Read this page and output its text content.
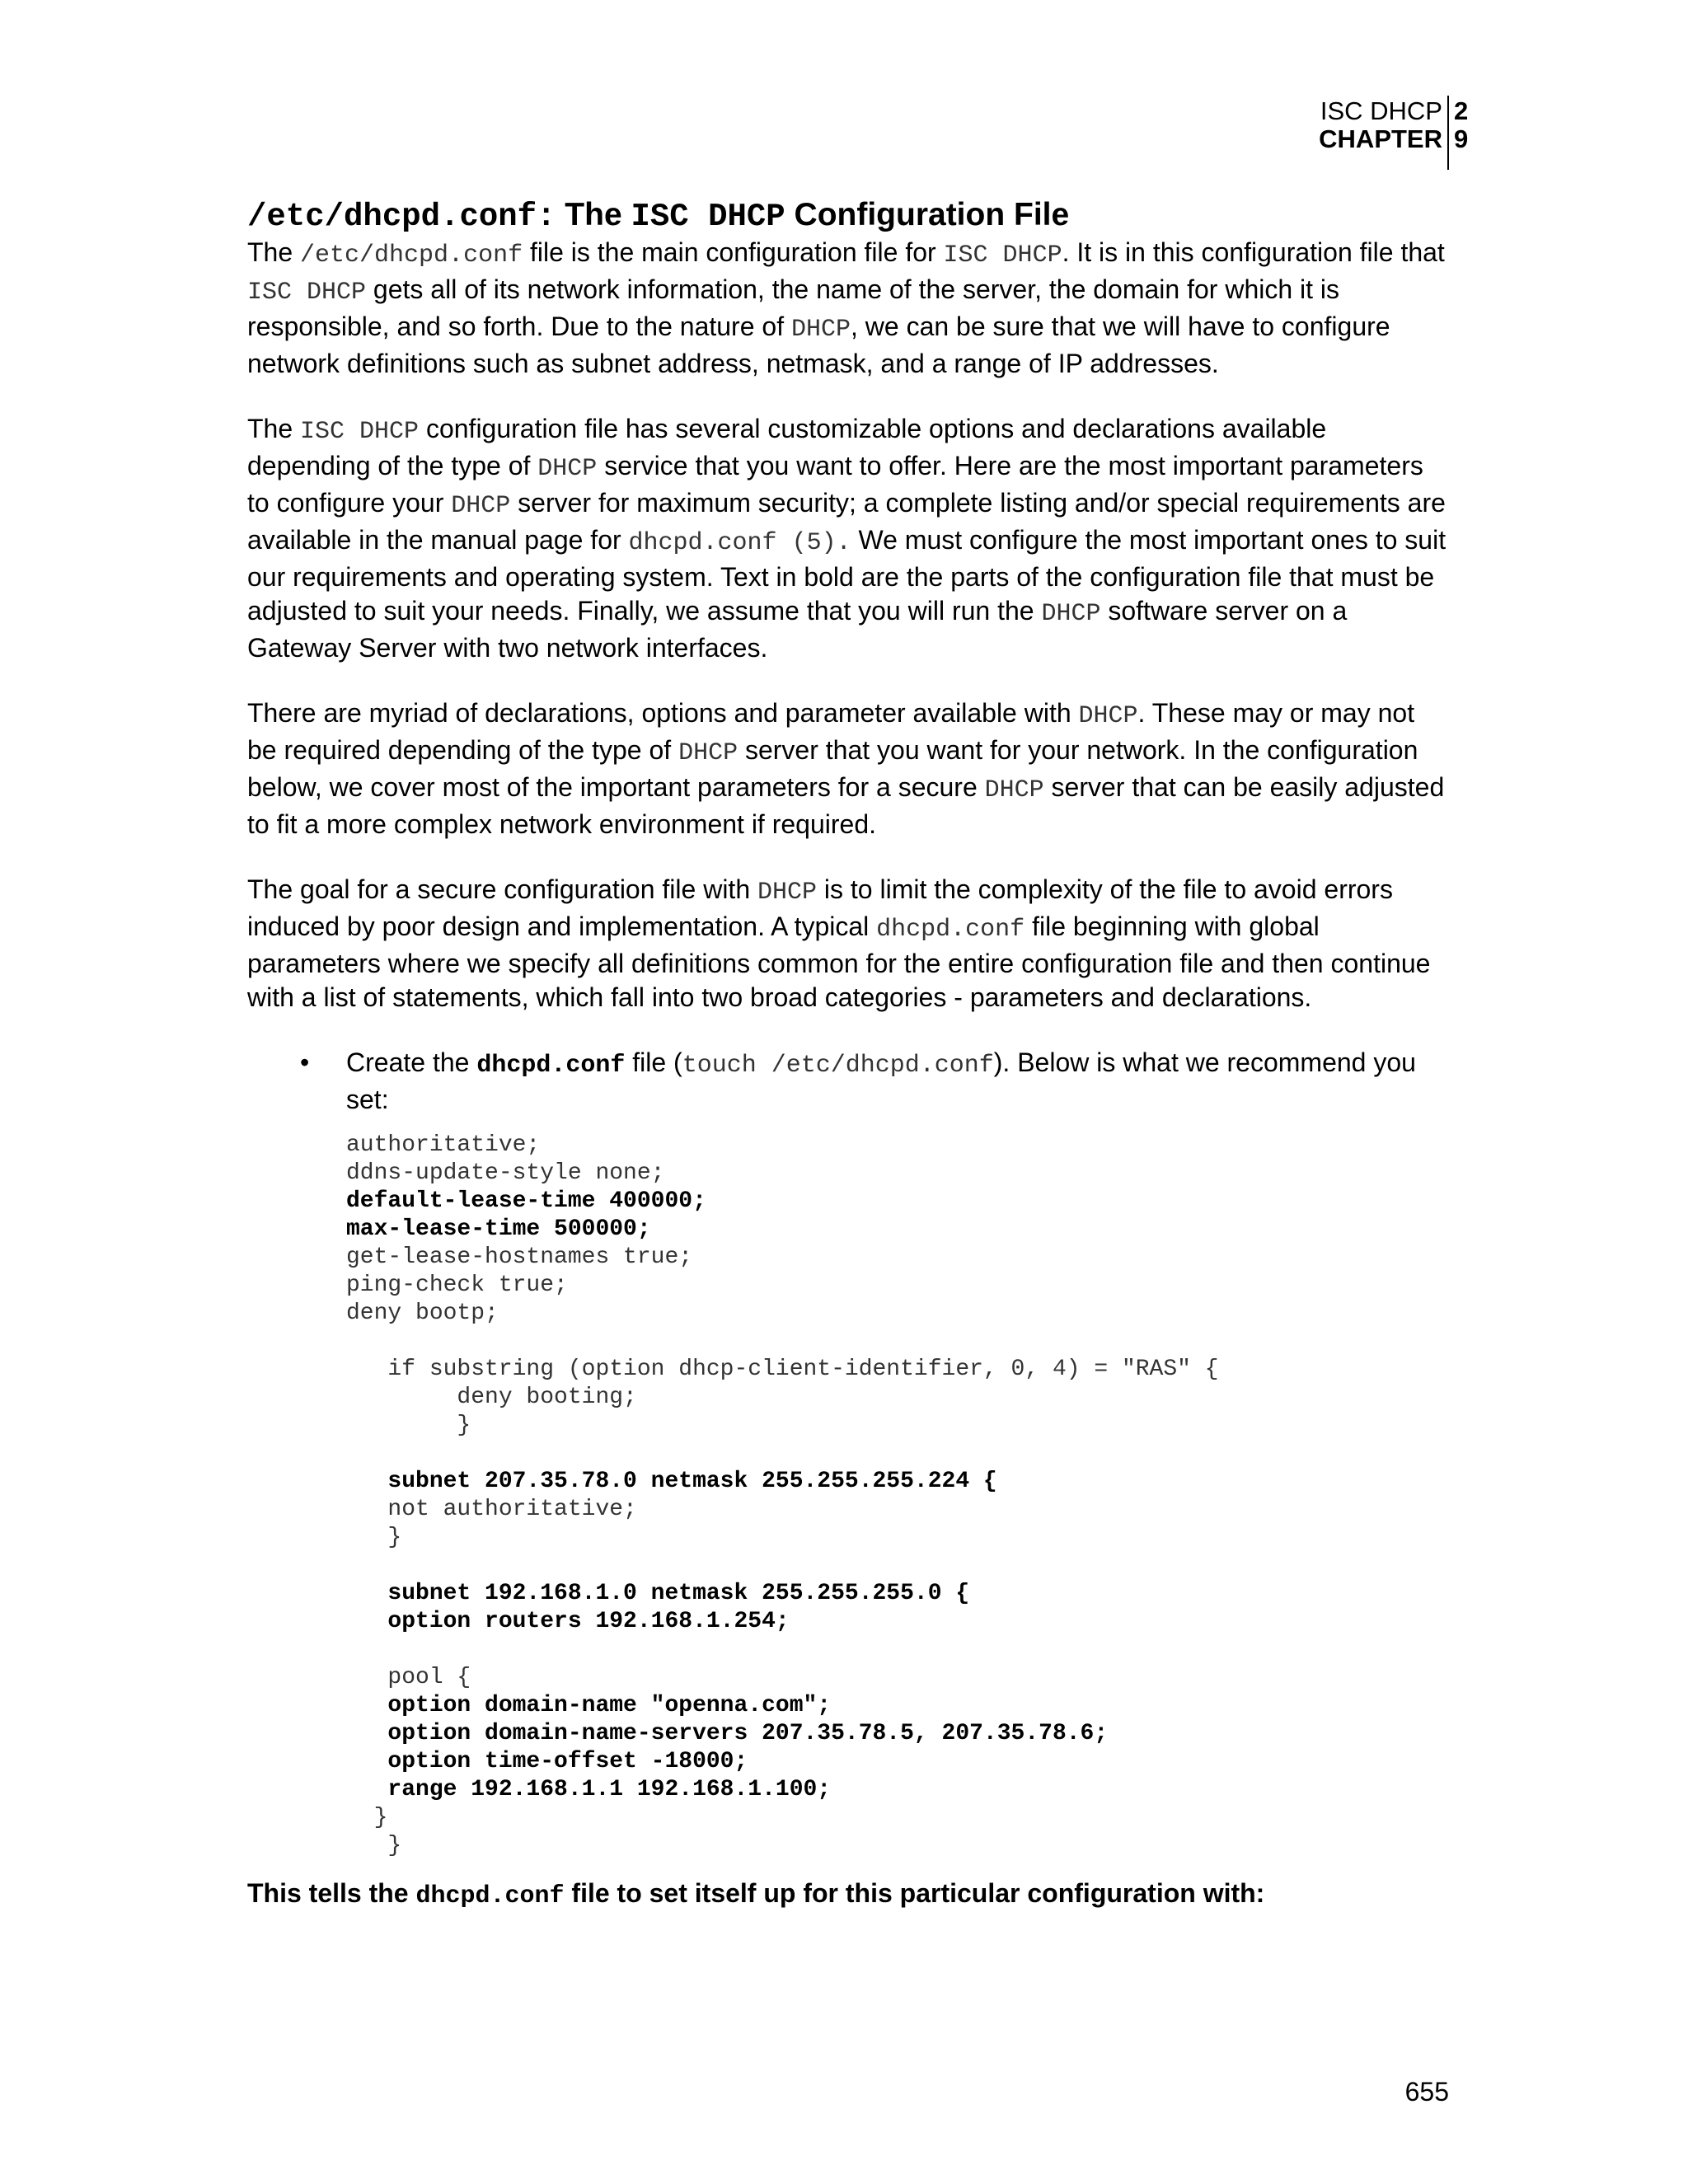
ISC DHCP 2
CHAPTER 9
/etc/dhcpd.conf: The ISC DHCP Configuration File

The /etc/dhcpd.conf file is the main configuration file for ISC DHCP. It is in this configuration file that ISC DHCP gets all of its network information, the name of the server, the domain for which it is responsible, and so forth. Due to the nature of DHCP, we can be sure that we will have to configure network definitions such as subnet address, netmask, and a range of IP addresses.

The ISC DHCP configuration file has several customizable options and declarations available depending of the type of DHCP service that you want to offer. Here are the most important parameters to configure your DHCP server for maximum security; a complete listing and/or special requirements are available in the manual page for dhcpd.conf (5). We must configure the most important ones to suit our requirements and operating system. Text in bold are the parts of the configuration file that must be adjusted to suit your needs. Finally, we assume that you will run the DHCP software server on a Gateway Server with two network interfaces.

There are myriad of declarations, options and parameter available with DHCP. These may or may not be required depending of the type of DHCP server that you want for your network. In the configuration below, we cover most of the important parameters for a secure DHCP server that can be easily adjusted to fit a more complex network environment if required.

The goal for a secure configuration file with DHCP is to limit the complexity of the file to avoid errors induced by poor design and implementation. A typical dhcpd.conf file beginning with global parameters where we specify all definitions common for the entire configuration file and then continue with a list of statements, which fall into two broad categories - parameters and declarations.

• Create the dhcpd.conf file (touch /etc/dhcpd.conf). Below is what we recommend you set:
authoritative;
ddns-update-style none;
default-lease-time 400000;
max-lease-time 500000;
get-lease-hostnames true;
ping-check true;
deny bootp;
if substring (option dhcp-client-identifier, 0, 4) = "RAS" {
deny booting;
}
subnet 207.35.78.0 netmask 255.255.255.224 {
not authoritative;
}
subnet 192.168.1.0 netmask 255.255.255.0 {
option routers 192.168.1.254;
pool {
option domain-name "openna.com";
option domain-name-servers 207.35.78.5, 207.35.78.6;
option time-offset -18000;
range 192.168.1.1 192.168.1.100;
}
}
This tells the dhcpd.conf file to set itself up for this particular configuration with:
655
